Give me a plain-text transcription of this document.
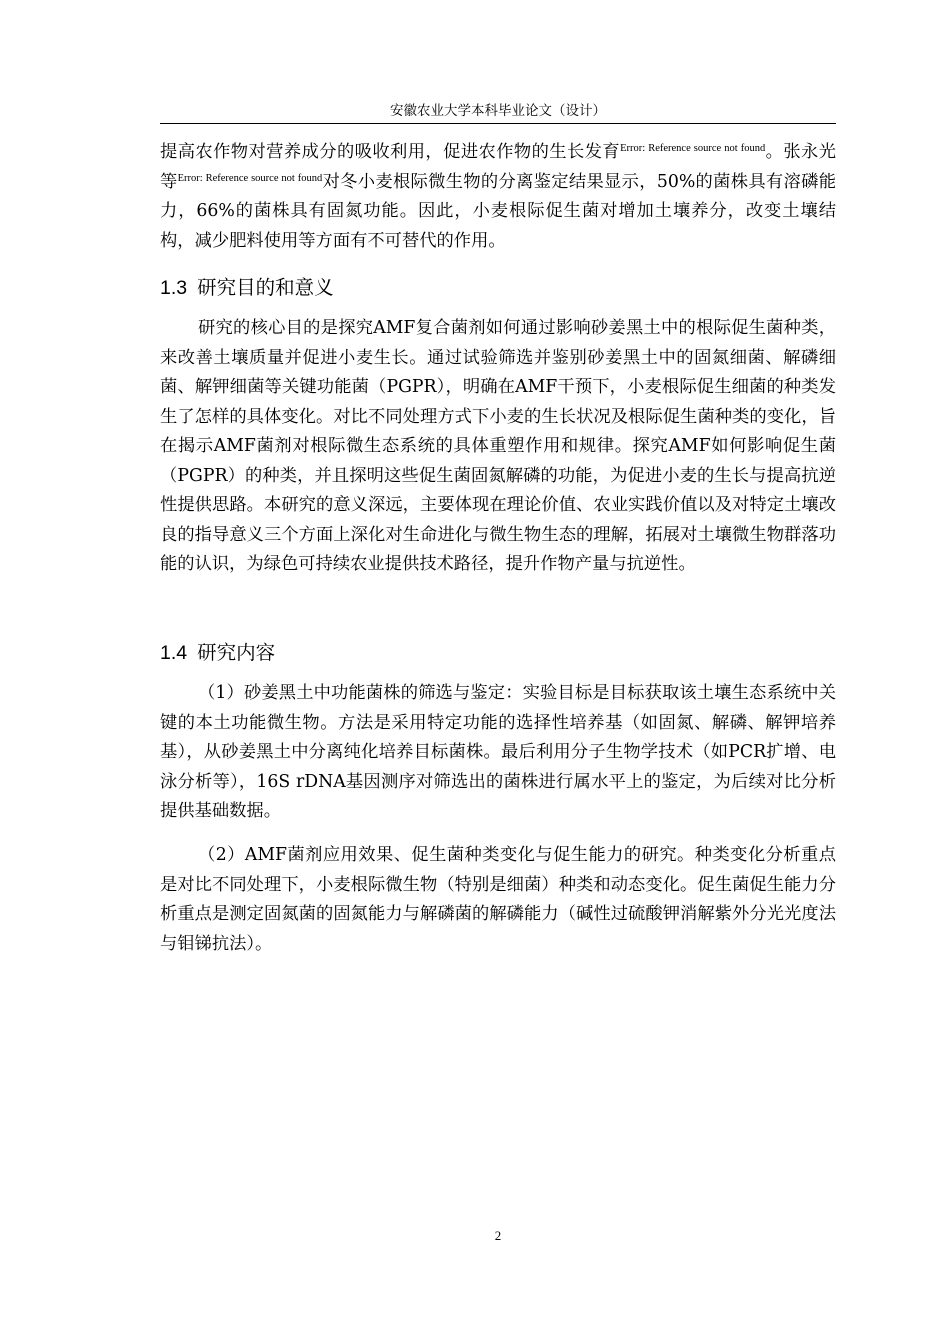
安徽农业大学本科毕业论文（设计）

提高农作物对营养成分的吸收利用，促进农作物的生长发育$^{Error: Reference source not found}$。张永光等$^{Error: Reference source not found}$对冬小麦根际微生物的分离鉴定结果显示，50%的菌株具有溶磷能力，66%的菌株具有固氮功能。因此，小麦根际促生菌对增加土壤养分，改变土壤结构，减少肥料使用等方面有不可替代的作用。

1.3 研究目的和意义

研究的核心目的是探究AMF复合菌剂如何通过影响砂姜黑土中的根际促生菌种类，来改善土壤质量并促进小麦生长。通过试验筛选并鉴别砂姜黑土中的固氮细菌、解磷细菌、解钾细菌等关键功能菌（PGPR），明确在AMF干预下，小麦根际促生细菌的种类发生了怎样的具体变化。对比不同处理方式下小麦的生长状况及根际促生菌种类的变化，旨在揭示AMF菌剂对根际微生态系统的具体重塑作用和规律。探究AMF如何影响促生菌（PGPR）的种类，并且探明这些促生菌固氮解磷的功能，为促进小麦的生长与提高抗逆性提供思路。本研究的意义深远，主要体现在理论价值、农业实践价值以及对特定土壤改良的指导意义三个方面上深化对生命进化与微生物生态的理解，拓展对土壤微生物群落功能的认识，为绿色可持续农业提供技术路径，提升作物产量与抗逆性。

1.4 研究内容

（1）砂姜黑土中功能菌株的筛选与鉴定：实验目标是目标获取该土壤生态系统中关键的本土功能微生物。方法是采用特定功能的选择性培养基（如固氮、解磷、解钾培养基），从砂姜黑土中分离纯化培养目标菌株。最后利用分子生物学技术（如PCR扩增、电泳分析等），16S rDNA基因测序对筛选出的菌株进行属水平上的鉴定，为后续对比分析提供基础数据。

（2）AMF菌剂应用效果、促生菌种类变化与促生能力的研究。种类变化分析重点是对比不同处理下，小麦根际微生物（特别是细菌）种类和动态变化。促生菌促生能力分析重点是测定固氮菌的固氮能力与解磷菌的解磷能力（碱性过硫酸钾消解紫外分光光度法与钼锑抗法）。

2
